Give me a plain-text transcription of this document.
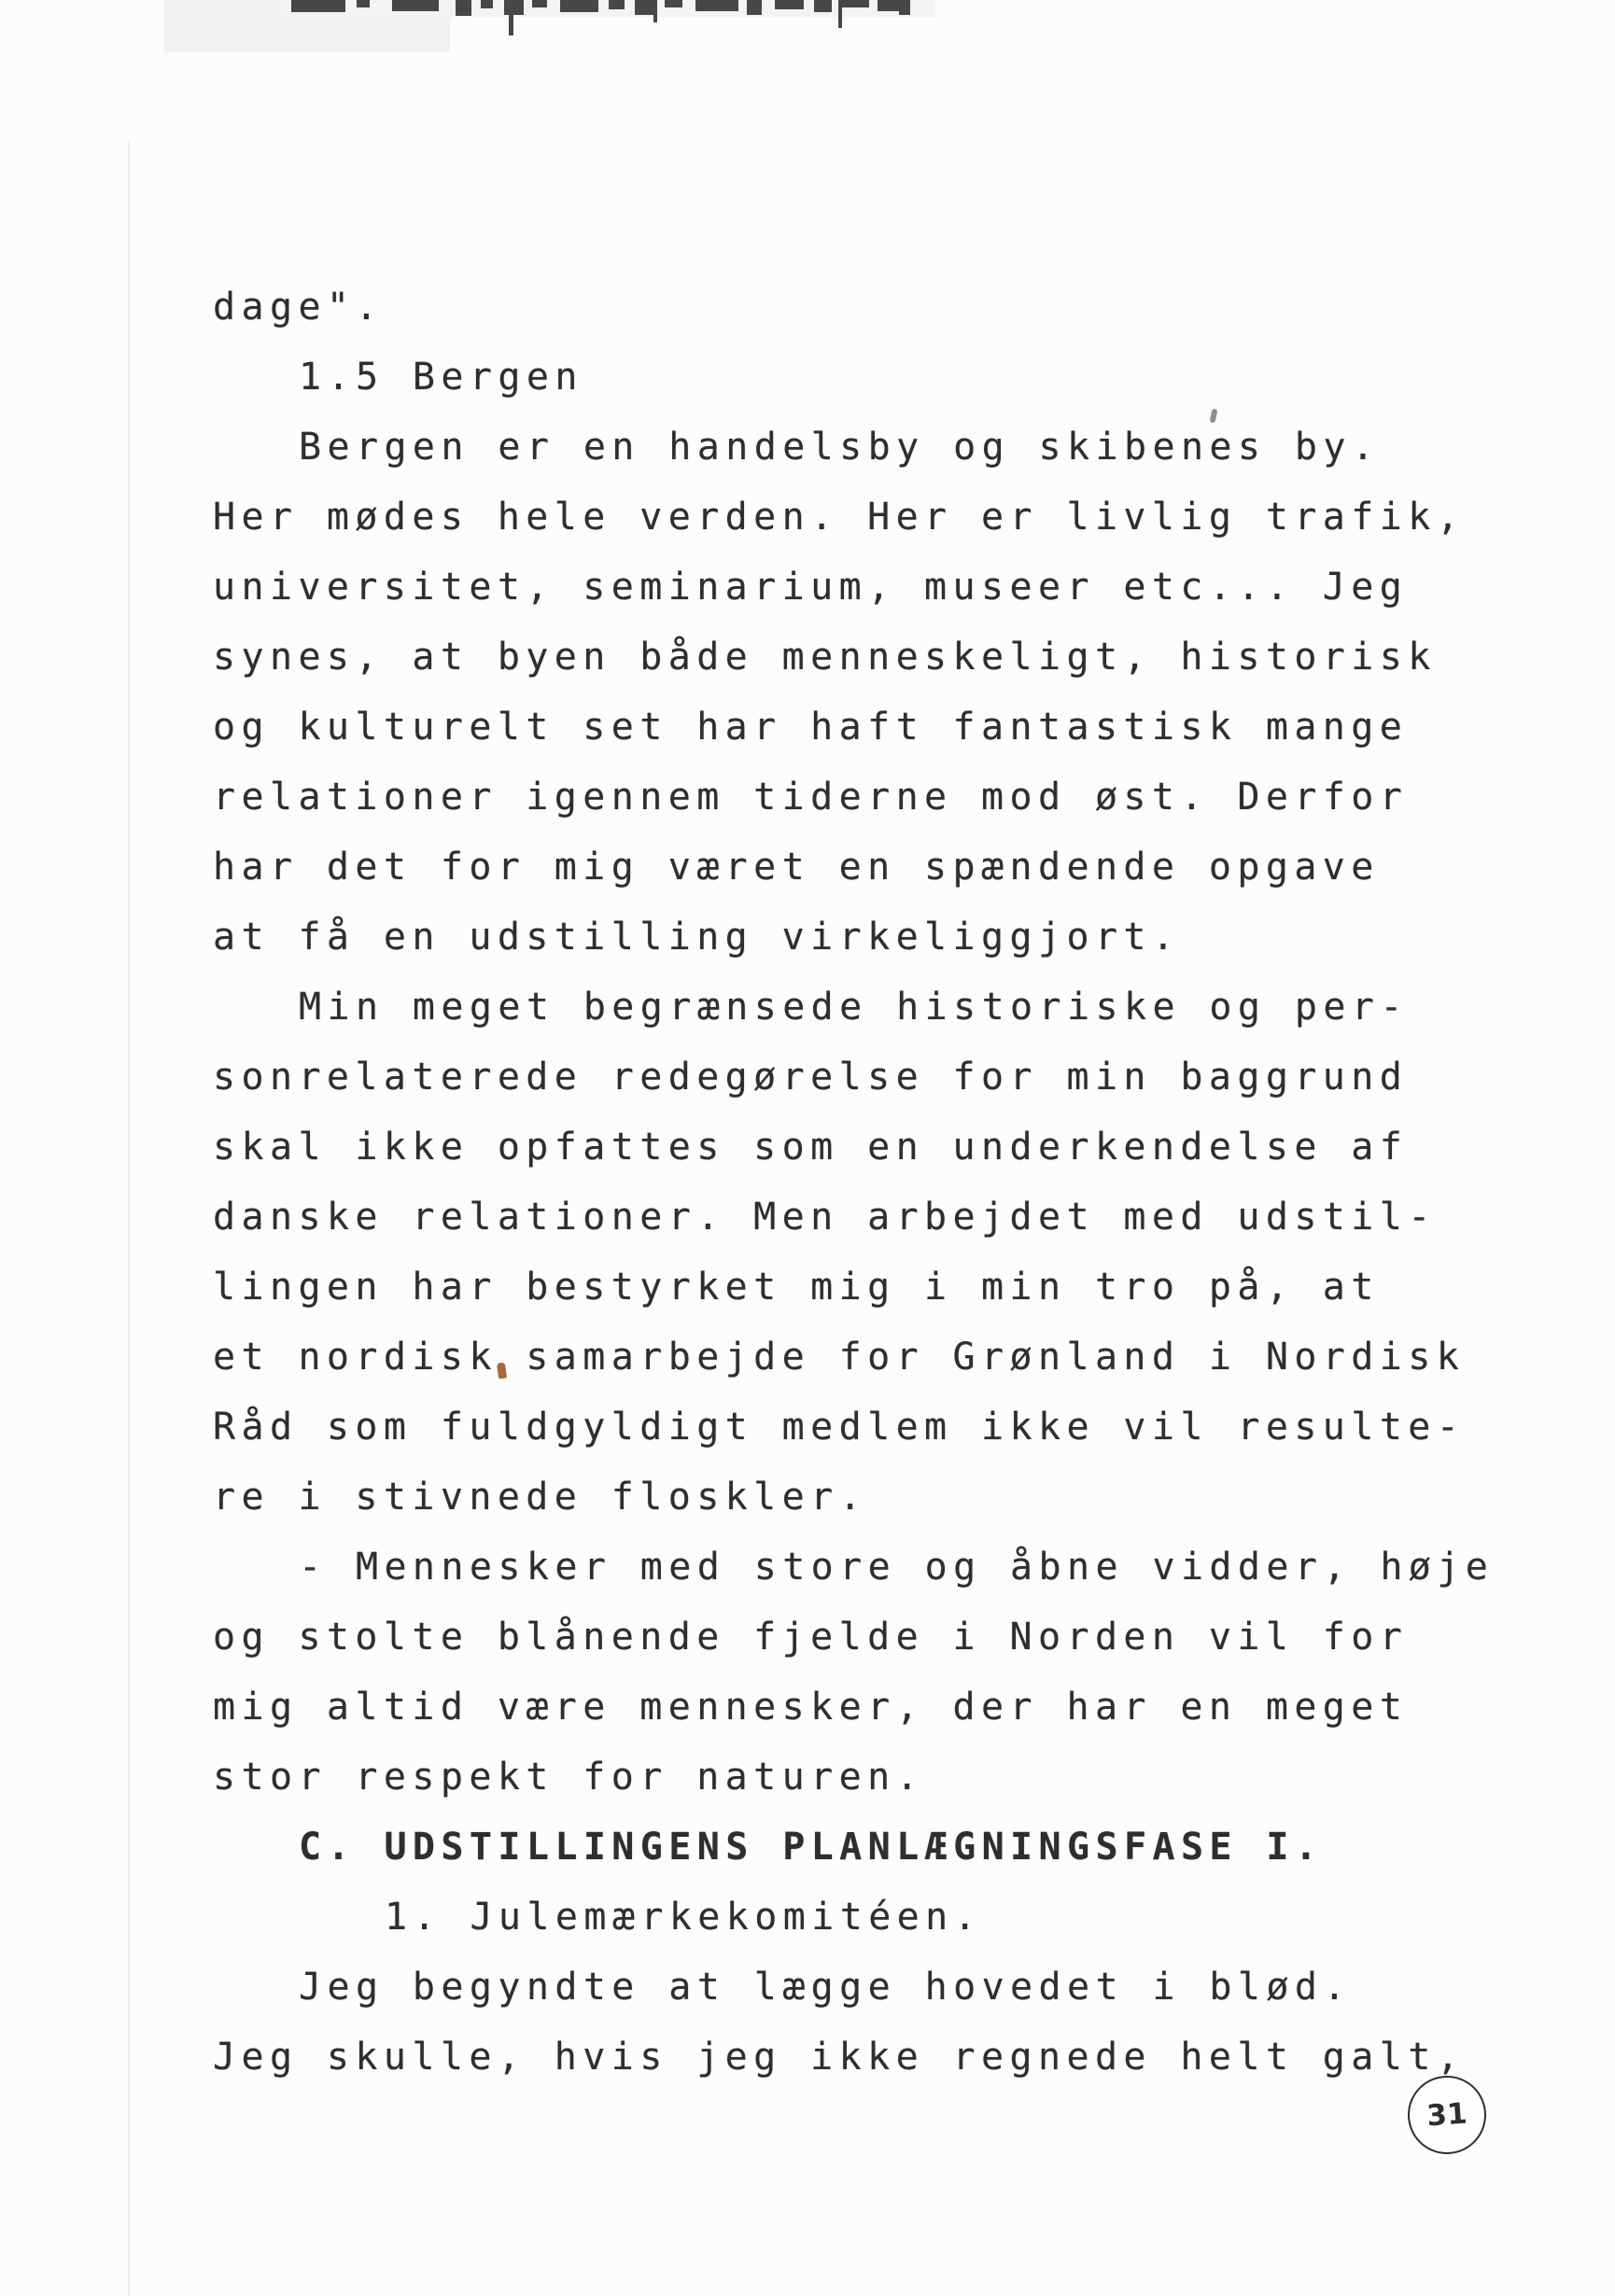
dage".
1.5 Bergen
Bergen er en handelsby og skibenes by.
Her mødes hele verden. Her er livlig trafik,
universitet, seminarium, museer etc... Jeg
synes, at byen både menneskeligt, historisk
og kulturelt set har haft fantastisk mange
relationer igennem tiderne mod øst. Derfor
har det for mig været en spændende opgave
at få en udstilling virkeliggjort.
Min meget begrænsede historiske og per-
sonrelaterede redegørelse for min baggrund
skal ikke opfattes som en underkendelse af
danske relationer. Men arbejdet med udstil-
lingen har bestyrket mig i min tro på, at
et nordisk samarbejde for Grønland i Nordisk
Råd som fuldgyldigt medlem ikke vil resulte-
re i stivnede floskler.
- Mennesker med store og åbne vidder, høje
og stolte blånende fjelde i Norden vil for
mig altid være mennesker, der har en meget
stor respekt for naturen.
C. UDSTILLINGENS PLANLÆGNINGSFASE I.
1. Julemærkekomitéen.
Jeg begyndte at lægge hovedet i blød.
Jeg skulle, hvis jeg ikke regnede helt galt,
31
